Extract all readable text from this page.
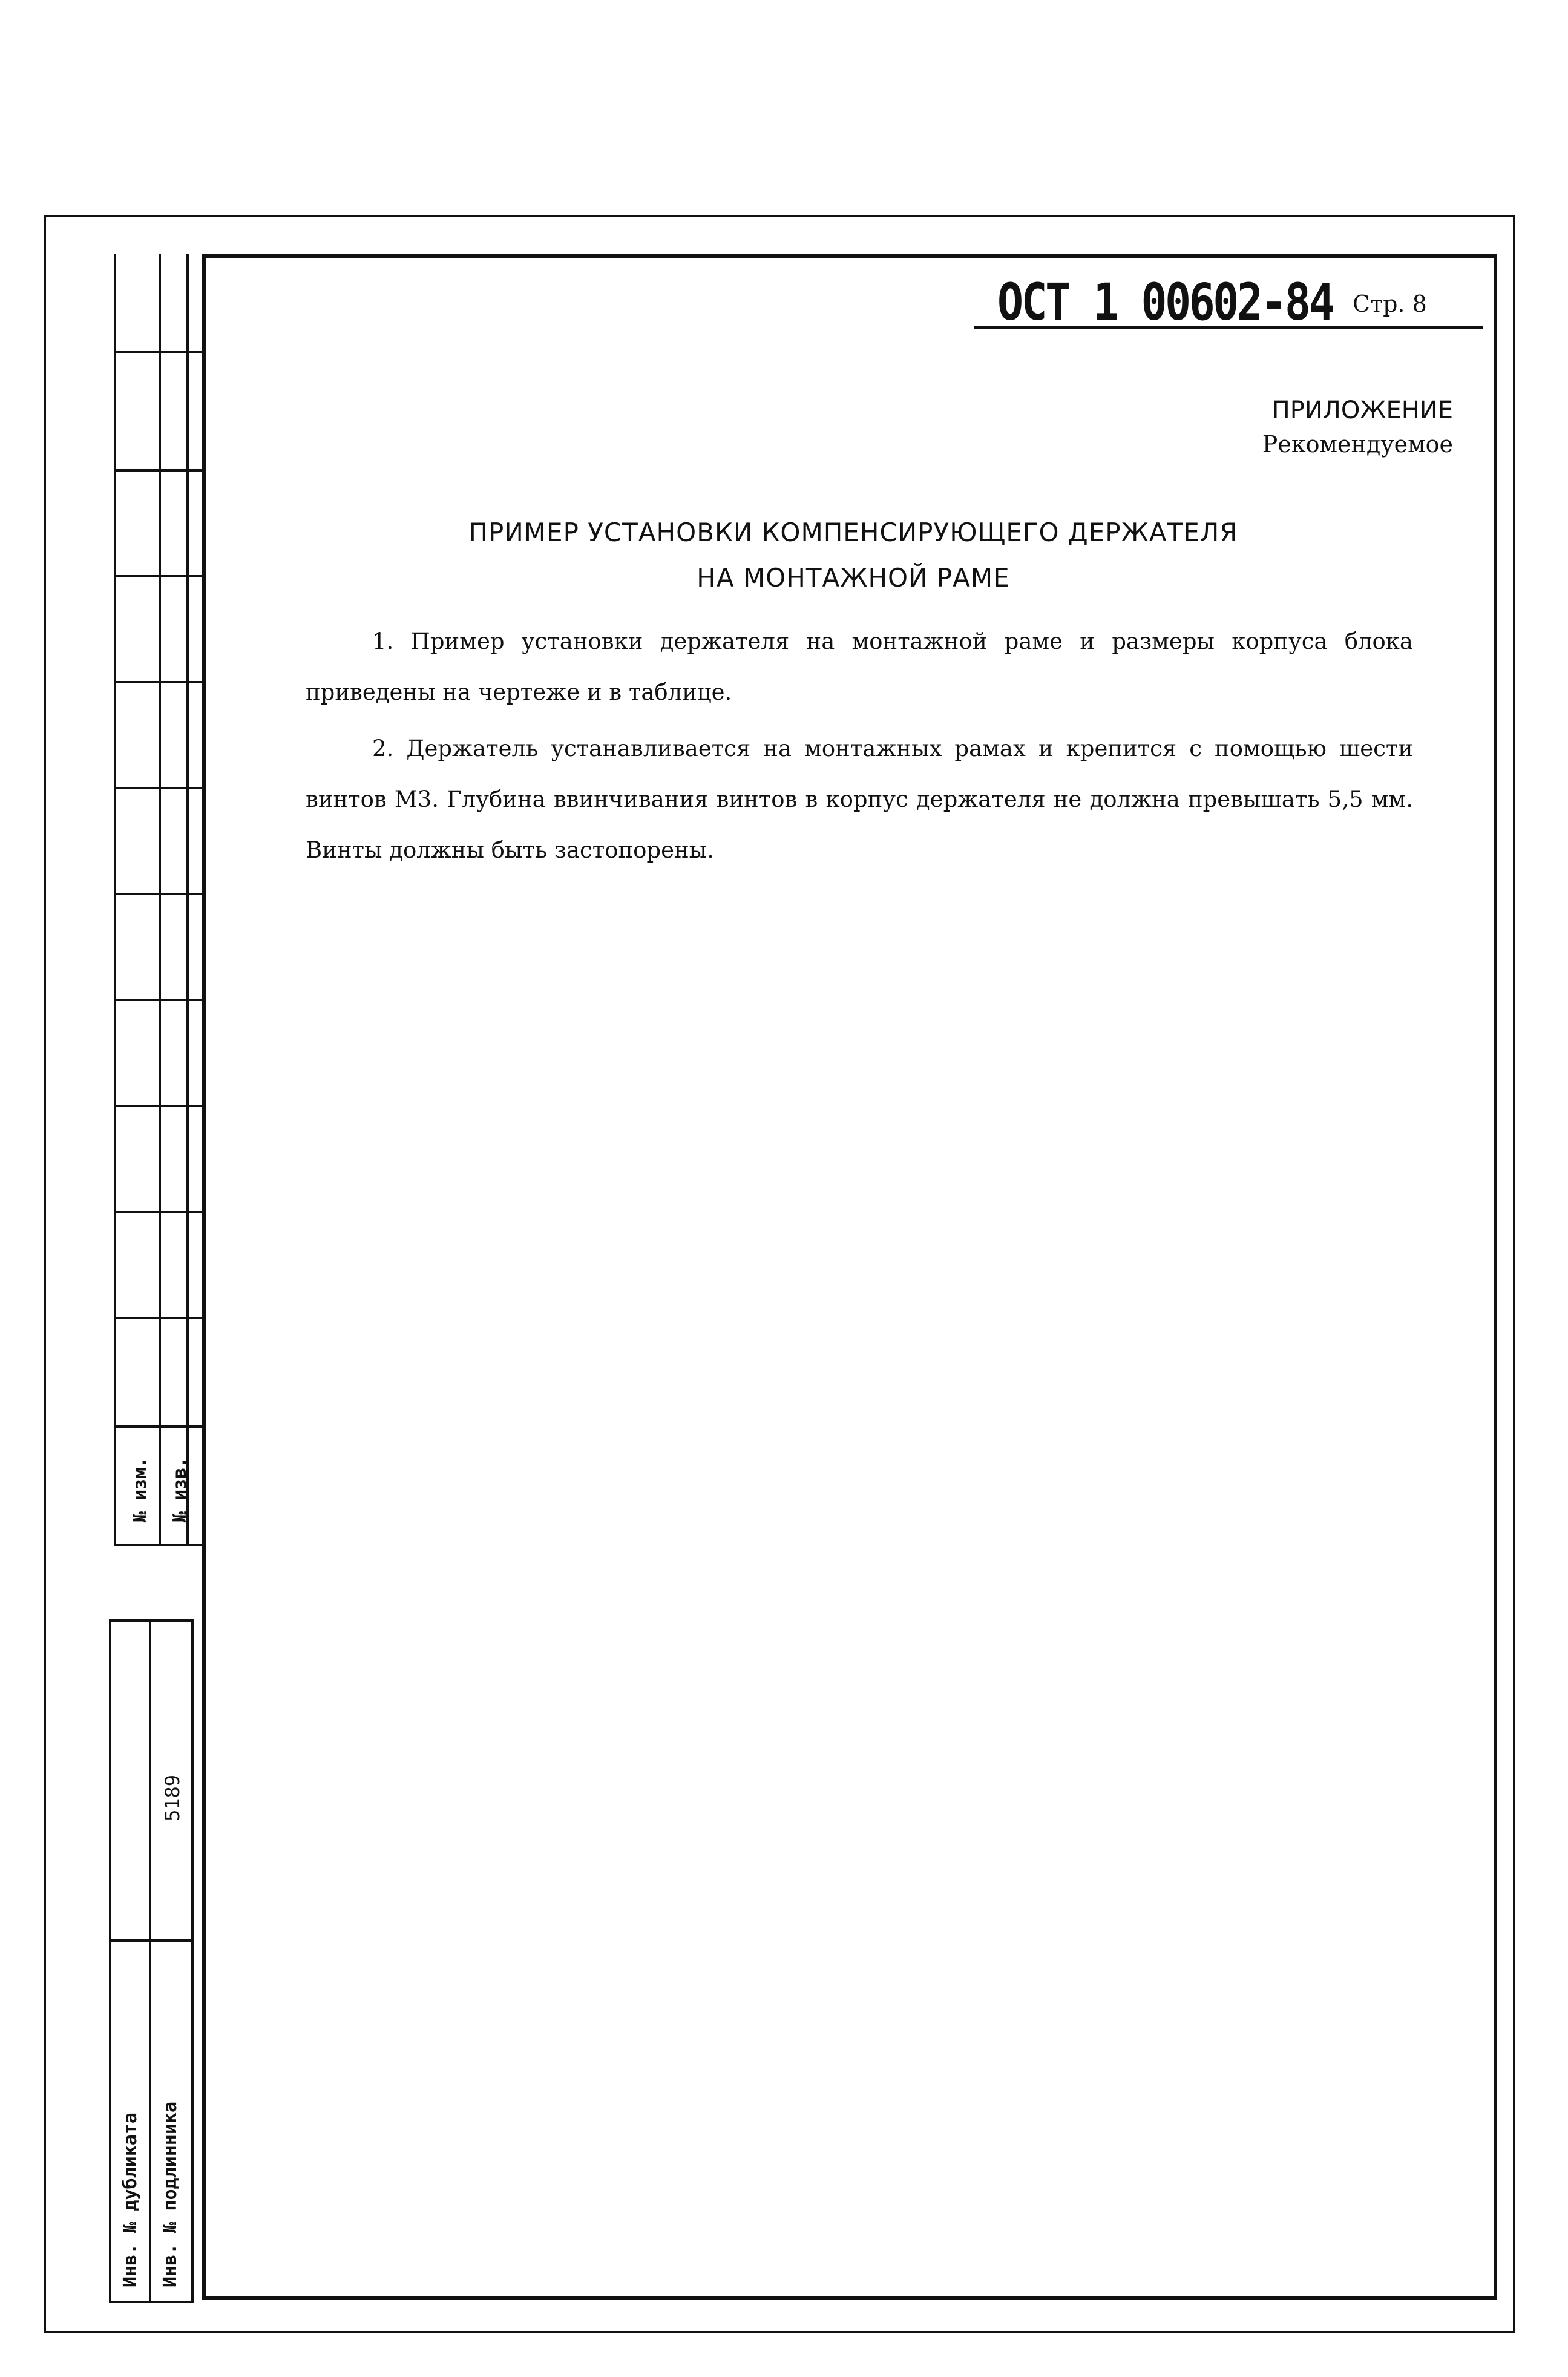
№ изм. № изв.
5189
Инв. № дубликата Инв. № подлинника
ОСТ 1 00602-84 Стр. 8
ПРИЛОЖЕНИЕ
Рекомендуемое
ПРИМЕР УСТАНОВКИ КОМПЕНСИРУЮЩЕГО ДЕРЖАТЕЛЯ
НА МОНТАЖНОЙ РАМЕ
1. Пример установки держателя на монтажной раме и размеры корпуса блока приведены на чертеже и в таблице.
2. Держатель устанавливается на монтажных рамах и крепится с помощью шести винтов М3. Глубина ввинчивания винтов в корпус держателя не должна превышать 5,5 мм. Винты должны быть застопорены.
